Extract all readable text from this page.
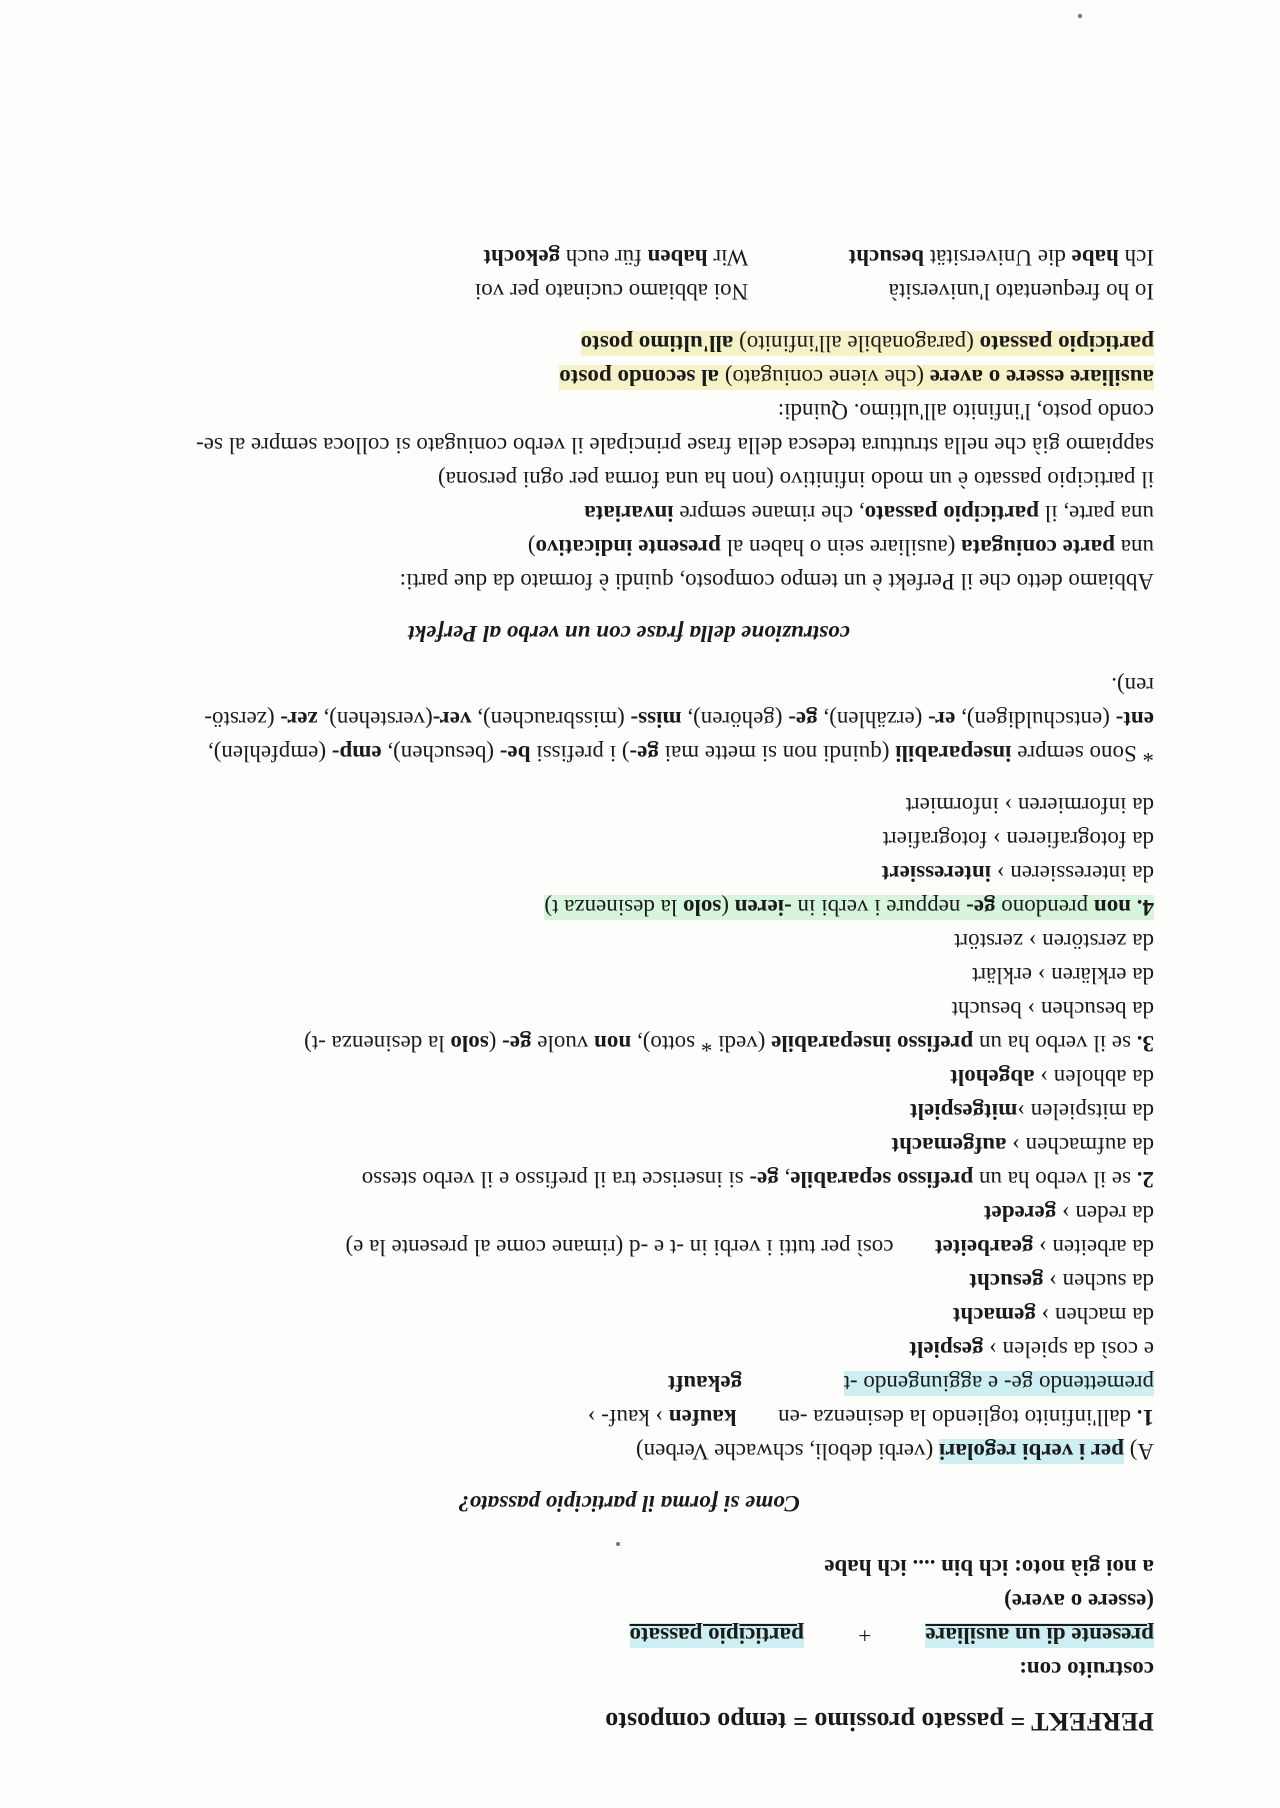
PERFEKT = passato prossimo = tempo composto
costruito con:
presente di un ausiliare + participio passato
(essere o avere)
a noi già noto: ich bin .... ich habe
Come si forma il participio passato?
A) per i verbi regolari (verbi deboli, schwache Verben)
1. dall'infinito togliendo la desinenza -en  kaufen › kauf- ›
premettendo ge- e aggiungendo -t  gekauft
e così da spielen › gespielt
da machen › gemacht
da suchen › gesucht
da arbeiten › gearbeitet  così per tutti i verbi in -t e -d (rimane come al presente la e)
da reden › geredet
2. se il verbo ha un prefisso separabile, ge- si inserisce tra il prefisso e il verbo stesso
da aufmachen › aufgemacht
da mitspielen ›mitgespielt
da abholen › abgeholt
3. se il verbo ha un prefisso inseparabile (vedi * sotto), non vuole ge- (solo la desinenza -t)
da besuchen › besucht
da erklären › erklärt
da zerstören › zerstört
4. non prendono ge- neppure i verbi in -ieren (solo la desinenza t)
da interessieren › interessiert
da fotografieren › fotografiert
da informieren › informiert
* Sono sempre inseparabili (quindi non si mette mai ge-) i prefissi be- (besuchen), emp- (empfehlen),
ent- (entschuldigen), er- (erzählen), ge- (gehören), miss- (missbrauchen), ver-(verstehen), zer- (zerstö-
ren).
costruzione della frase con un verbo al Perfekt
Abbiamo detto che il Perfekt è un tempo composto, quindi è formato da due parti:
una parte coniugata (ausiliare sein o haben al presente indicativo)
una parte, il participio passato, che rimane sempre invariata
il participio passato è un modo infinitivo (non ha una forma per ogni persona)
sappiamo già che nella struttura tedesca della frase principale il verbo coniugato si colloca sempre al se-
condo posto, l'infinito all'ultimo. Quindi:
ausiliare essere o avere (che viene coniugato) al secondo posto
participio passato (paragonabile all'infinito) all'ultimo posto
Io ho frequentato l'università Noi abbiamo cucinato per voi
Ich habe die Universität besucht Wir haben für euch gekocht
